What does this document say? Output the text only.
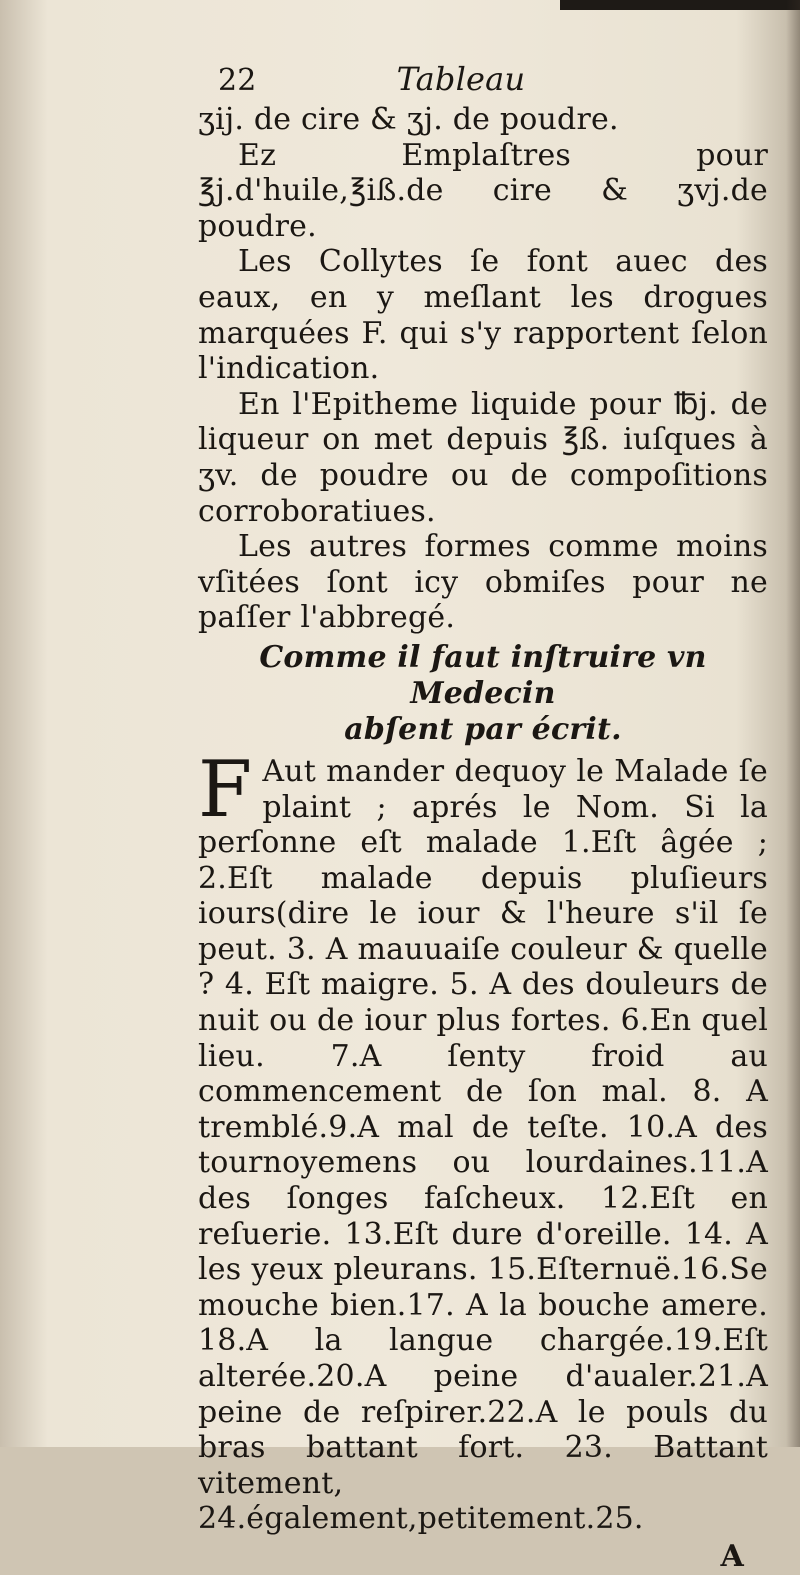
22	Tableau

ʒij. de cire & ʒj. de poudre.

Ez Emplaſtres pour ℥j.d'huile,℥iß.de cire & ʒvj.de poudre.

Les Collytes ſe font auec des eaux, en y meſlant les drogues marquées F. qui s'y rapportent ſelon l'indication.

En l'Epitheme liquide pour ℔j. de liqueur on met depuis ℥ß. iuſques à ʒv. de poudre ou de compoſitions corroboratiues.

Les autres formes comme moins vſitées ſont icy obmiſes pour ne paſſer l'abbregé.

Comme il faut inſtruire vn Medecin
abſent par écrit.

F Aut mander dequoy le Malade ſe plaint ; aprés le Nom. Si la perſonne eſt malade 1.Eſt âgée ; 2.Eſt malade depuis pluſieurs iours(dire le iour & l'heure s'il ſe peut. 3. A mauuaiſe couleur & quelle ? 4. Eſt maigre. 5. A des douleurs de nuit ou de iour plus fortes. 6.En quel lieu. 7.A ſenty froid au commencement de ſon mal. 8. A tremblé.9.A mal de teſte. 10.A des tournoyemens ou lourdaines.11.A des ſonges faſcheux. 12.Eſt en reſuerie. 13.Eſt dure d'oreille. 14. A les yeux pleurans. 15.Eſternuë.16.Se mouche bien.17. A la bouche amere. 18.A la langue chargée.19.Eſt alterée.20.A peine d'aualer.21.A peine de reſpirer.22.A le pouls du bras battant fort. 23. Battant vitement, 24.également,petitement.25.

A
